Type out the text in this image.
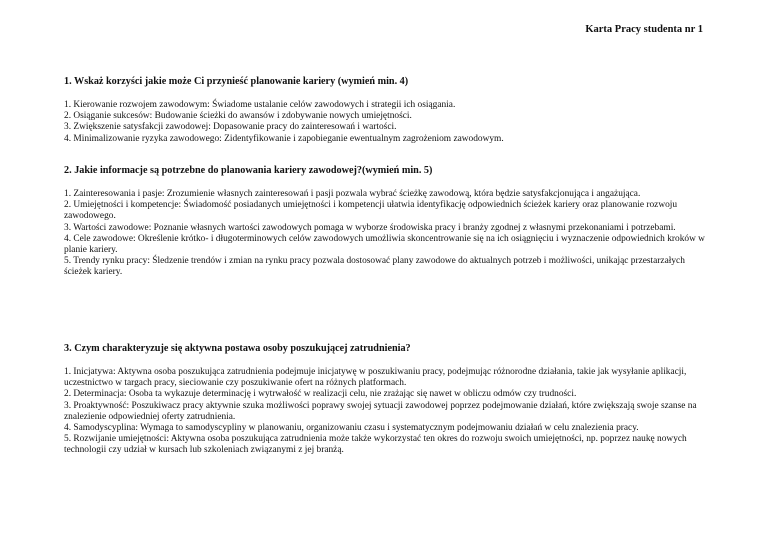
Karta Pracy studenta nr 1

1. Wskaż korzyści jakie może Ci przynieść planowanie kariery (wymień min. 4)

1. Kierowanie rozwojem zawodowym: Świadome ustalanie celów zawodowych i strategii ich osiągania.
2. Osiąganie sukcesów: Budowanie ścieżki do awansów i zdobywanie nowych umiejętności.
3. Zwiększenie satysfakcji zawodowej: Dopasowanie pracy do zainteresowań i wartości.
4. Minimalizowanie ryzyka zawodowego: Zidentyfikowanie i zapobieganie ewentualnym zagrożeniom zawodowym.

2. Jakie informacje są potrzebne do planowania kariery zawodowej?(wymień min. 5)

1. Zainteresowania i pasje: Zrozumienie własnych zainteresowań i pasji pozwala wybrać ścieżkę zawodową, która będzie satysfakcjonująca i angażująca.
2. Umiejętności i kompetencje: Świadomość posiadanych umiejętności i kompetencji ułatwia identyfikację odpowiednich ścieżek kariery oraz planowanie rozwoju zawodowego.
3. Wartości zawodowe: Poznanie własnych wartości zawodowych pomaga w wyborze środowiska pracy i branży zgodnej z własnymi przekonaniami i potrzebami.
4. Cele zawodowe: Określenie krótko- i długoterminowych celów zawodowych umożliwia skoncentrowanie się na ich osiągnięciu i wyznaczenie odpowiednich kroków w planie kariery.
5. Trendy rynku pracy: Śledzenie trendów i zmian na rynku pracy pozwala dostosować plany zawodowe do aktualnych potrzeb i możliwości, unikając przestarzałych ścieżek kariery.

3. Czym charakteryzuje się aktywna postawa osoby poszukującej zatrudnienia?

1. Inicjatywa: Aktywna osoba poszukująca zatrudnienia podejmuje inicjatywę w poszukiwaniu pracy, podejmując różnorodne działania, takie jak wysyłanie aplikacji, uczestnictwo w targach pracy, sieciowanie czy poszukiwanie ofert na różnych platformach.
2. Determinacja: Osoba ta wykazuje determinację i wytrwałość w realizacji celu, nie zrażając się nawet w obliczu odmów czy trudności.
3. Proaktywność: Poszukiwacz pracy aktywnie szuka możliwości poprawy swojej sytuacji zawodowej poprzez podejmowanie działań, które zwiększają swoje szanse na znalezienie odpowiedniej oferty zatrudnienia.
4. Samodyscyplina: Wymaga to samodyscypliny w planowaniu, organizowaniu czasu i systematycznym podejmowaniu działań w celu znalezienia pracy.
5. Rozwijanie umiejętności: Aktywna osoba poszukująca zatrudnienia może także wykorzystać ten okres do rozwoju swoich umiejętności, np. poprzez naukę nowych technologii czy udział w kursach lub szkoleniach związanymi z jej branżą.
